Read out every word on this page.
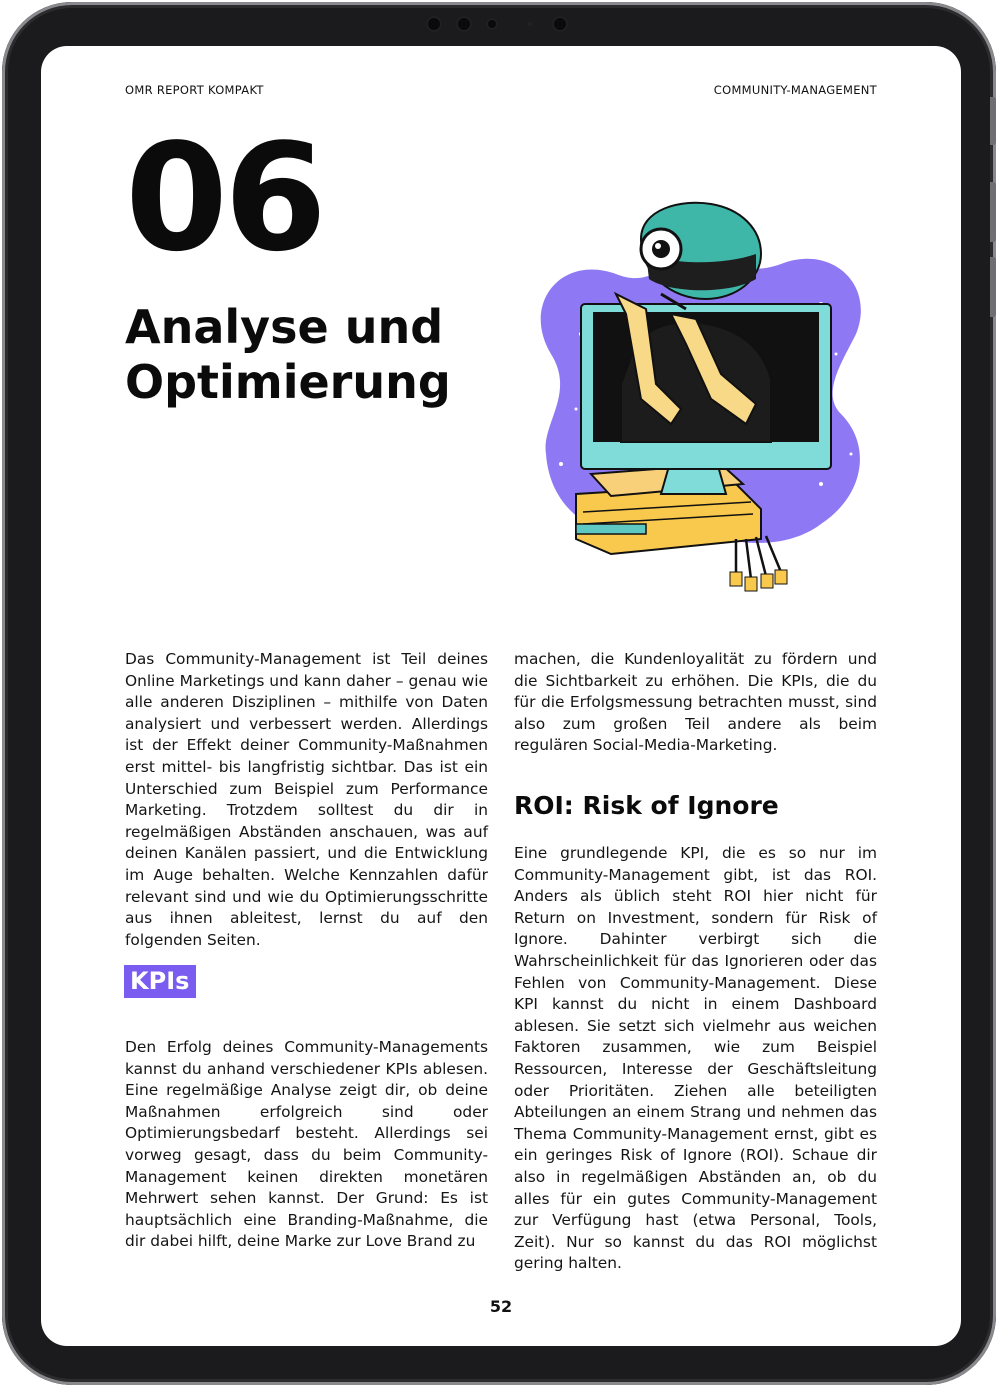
OMR REPORT KOMPAKT	COMMUNITY-MANAGEMENT
06
Analyse und
Optimierung
Das Community-Management ist Teil deines Online Marketings und kann daher – genau wie alle anderen Disziplinen – mithilfe von Daten analysiert und verbessert werden. Allerdings ist der Effekt deiner Community-Maßnahmen erst mittel- bis langfristig sichtbar. Das ist ein Unterschied zum Beispiel zum Performance Marketing. Trotzdem solltest du dir in regelmäßigen Abständen anschauen, was auf deinen Kanälen passiert, und die Entwicklung im Auge behalten. Welche Kennzahlen dafür relevant sind und wie du Optimierungsschritte aus ihnen ableitest, lernst du auf den folgenden Seiten.
KPIs
Den Erfolg deines Community-Managements kannst du anhand verschiedener KPIs ablesen. Eine regelmäßige Analyse zeigt dir, ob deine Maßnahmen erfolgreich sind oder Optimierungsbedarf besteht. Allerdings sei vorweg gesagt, dass du beim Community-Management keinen direkten monetären Mehrwert sehen kannst. Der Grund: Es ist hauptsächlich eine Branding-Maßnahme, die dir dabei hilft, deine Marke zur Love Brand zu
machen, die Kundenloyalität zu fördern und die Sichtbarkeit zu erhöhen. Die KPIs, die du für die Erfolgsmessung betrachten musst, sind also zum großen Teil andere als beim regulären Social-Media-Marketing.
ROI: Risk of Ignore
Eine grundlegende KPI, die es so nur im Community-Management gibt, ist das ROI. Anders als üblich steht ROI hier nicht für Return on Investment, sondern für Risk of Ignore. Dahinter verbirgt sich die Wahrscheinlichkeit für das Ignorieren oder das Fehlen von Community-Management. Diese KPI kannst du nicht in einem Dashboard ablesen. Sie setzt sich vielmehr aus weichen Faktoren zusammen, wie zum Beispiel Ressourcen, Interesse der Geschäftsleitung oder Prioritäten. Ziehen alle beteiligten Abteilungen an einem Strang und nehmen das Thema Community-Management ernst, gibt es ein geringes Risk of Ignore (ROI). Schaue dir also in regelmäßigen Abständen an, ob du alles für ein gutes Community-Management zur Verfügung hast (etwa Personal, Tools, Zeit). Nur so kannst du das ROI möglichst gering halten.
52
